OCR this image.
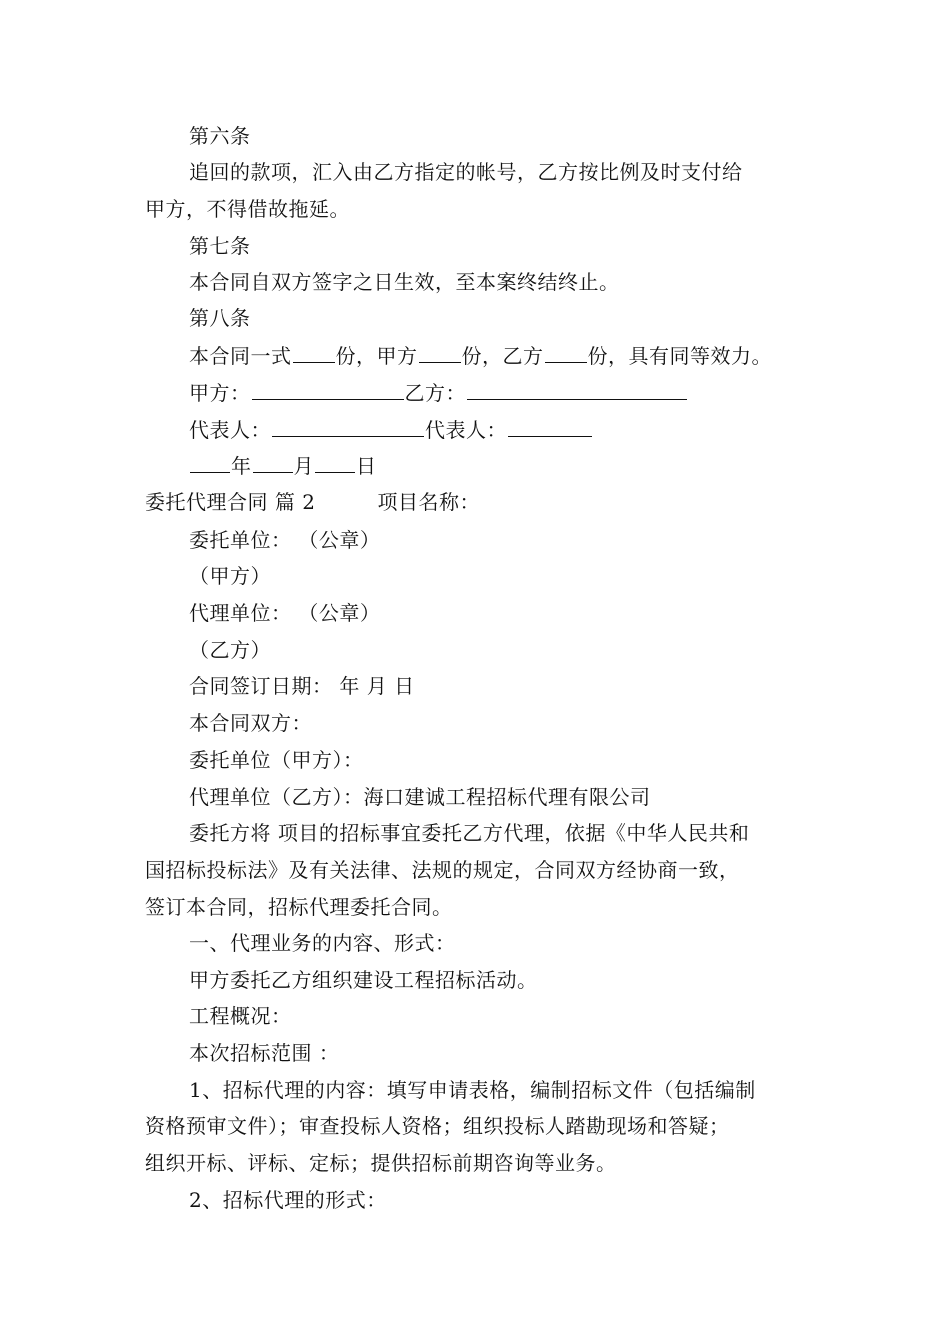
第六条
追回的款项，汇入由乙方指定的帐号，乙方按比例及时支付给
甲方，不得借故拖延。
第七条
本合同自双方签字之日生效，至本案终结终止。
第八条
本合同一式 份，甲方 份，乙方 份，具有同等效力。
甲方：	乙方：
代表人：	代表人：
年 月 日
委托代理合同 篇 2	项目名称：
委托单位： （公章）
（甲方）
代理单位： （公章）
（乙方）
合同签订日期： 年 月 日
本合同双方：
委托单位（甲方）：
代理单位（乙方）：海口建诚工程招标代理有限公司
委托方将 项目的招标事宜委托乙方代理，依据《中华人民共和
国招标投标法》及有关法律、法规的规定，合同双方经协商一致，
签订本合同，招标代理委托合同。
一、代理业务的内容、形式：
甲方委托乙方组织建设工程招标活动。
工程概况：
本次招标范围 ：
1、招标代理的内容：填写申请表格，编制招标文件（包括编制
资格预审文件）；审查投标人资格；组织投标人踏勘现场和答疑；
组织开标、评标、定标；提供招标前期咨询等业务。
2、招标代理的形式：
